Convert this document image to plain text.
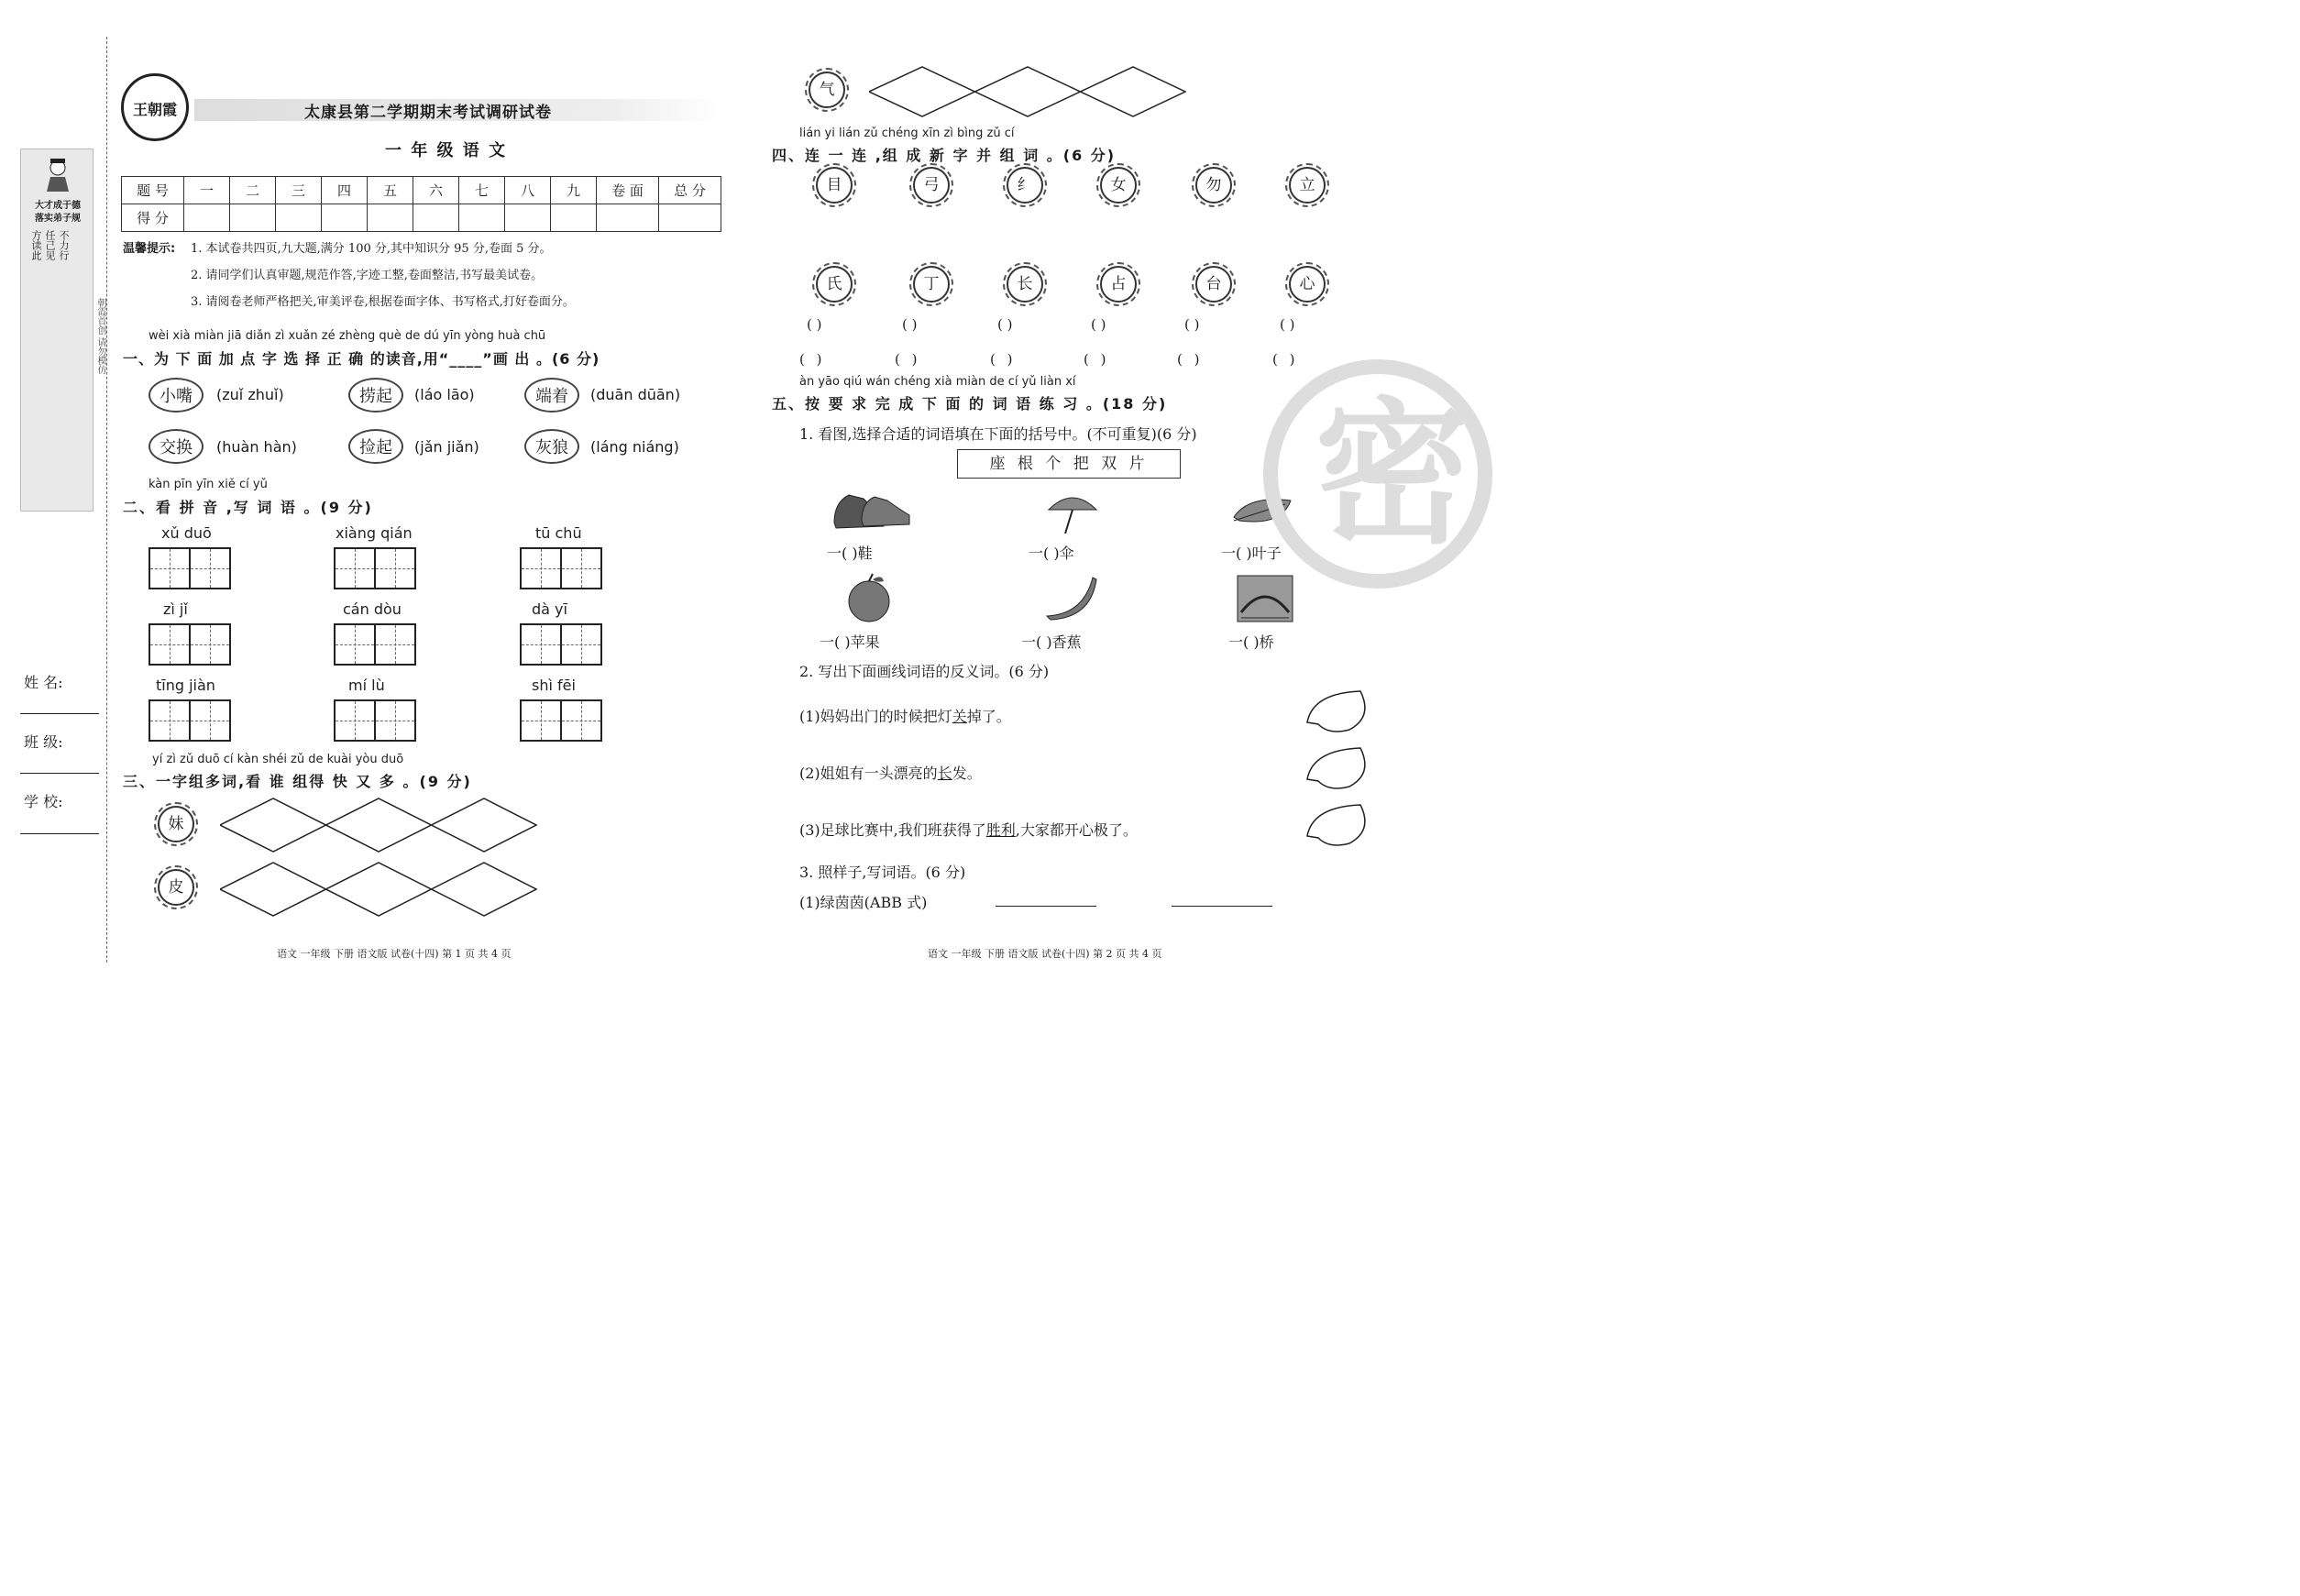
大才成于德
落实弟子规
方读此 任己见 不力行
朝霞首创 请勿模仿
姓 名:
班 级:
学 校:
王朝霞	太康县第二学期期末考试调研试卷
一 年 级 语 文
题 号	一	二	三	四	五	六	七	八	九	卷 面	总 分
得 分											
温馨提示: 1. 本试卷共四页,九大题,满分 100 分,其中知识分 95 分,卷面 5 分。
2. 请同学们认真审题,规范作答,字迹工整,卷面整洁,书写最美试卷。
3. 请阅卷老师严格把关,审美评卷,根据卷面字体、书写格式,打好卷面分。
wèi xià miàn jiā diǎn zì xuǎn zé zhèng què de dú yīn yòng huà chū
一、为 下 面 加 点 字 选 择 正 确 的读音,用“____”画 出 。(6 分)
小嘴	(zuǐ zhuǐ)	捞起	(láo lāo)	端着	(duān dūān)
交换	(huàn hàn)	捡起	(jǎn jiǎn)	灰狼	(láng niáng)
kàn pīn yīn xiě cí yǔ
二、看 拼 音 ,写 词 语 。(9 分)
xǔ duō	xiàng qián	tū chū
zì jǐ	cán dòu	dà yī
tīng jiàn	mí lù	shì fēi
yí zì zǔ duō cí kàn shéi zǔ de kuài yòu duō
三、一字组多词,看 谁 组得 快 又 多 。(9 分)
妹
皮
气
语文 一年级 下册 语文版 试卷(十四) 第 1 页 共 4 页
lián yi lián zǔ chéng xīn zì bìng zǔ cí
四、连 一 连 ,组 成 新 字 并 组 词 。(6 分)
目	弓	纟	女	勿	立
氏	丁	长	占	台	心
( )	( )	( )	( )	( )	( )
( )	( )	( )	( )	( )	( )
àn yāo qiú wán chéng xià miàn de cí yǔ liàn xí
五、按 要 求 完 成 下 面 的 词 语 练 习 。(18 分)
1. 看图,选择合适的词语填在下面的括号中。(不可重复)(6 分)
座 根 个 把 双 片
一( )鞋	一( )伞	一( )叶子
一( )苹果	一( )香蕉	一( )桥
2. 写出下面画线词语的反义词。(6 分)
(1)妈妈出门的时候把灯关掉了。
(2)姐姐有一头漂亮的长发。
(3)足球比赛中,我们班获得了胜利,大家都开心极了。
3. 照样子,写词语。(6 分)
(1)绿茵茵(ABB 式)
密
语文 一年级 下册 语文版 试卷(十四) 第 2 页 共 4 页
